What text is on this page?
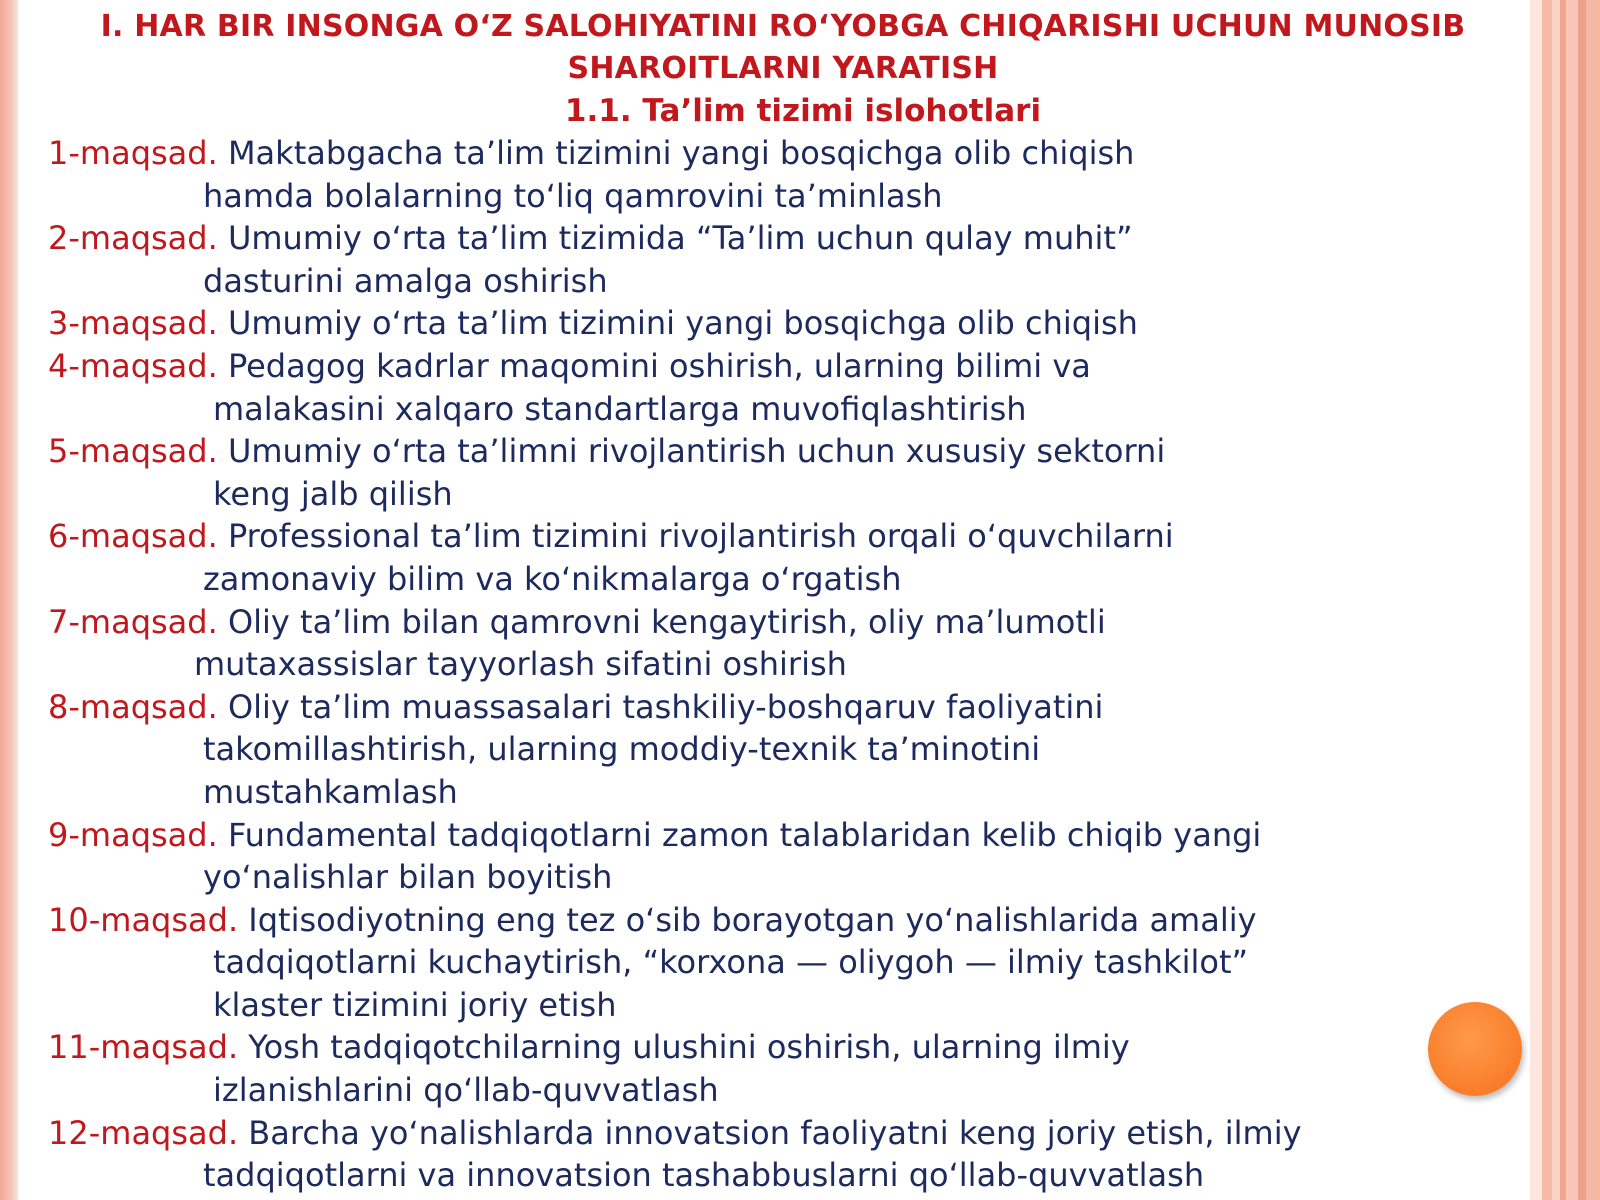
I. HAR BIR INSONGA O‘Z SALOHIYATINI RO‘YOBGA CHIQARISHI UCHUN MUNOSIB
SHAROITLARNI YARATISH
1.1. Ta’lim tizimi islohotlari
1-maqsad. Maktabgacha ta’lim tizimini yangi bosqichga olib chiqish
hamda bolalarning to‘liq qamrovini ta’minlash
2-maqsad. Umumiy o‘rta ta’lim tizimida “Ta’lim uchun qulay muhit”
dasturini amalga oshirish
3-maqsad. Umumiy o‘rta ta’lim tizimini yangi bosqichga olib chiqish
4-maqsad. Pedagog kadrlar maqomini oshirish, ularning bilimi va
malakasini xalqaro standartlarga muvofiqlashtirish
5-maqsad. Umumiy o‘rta ta’limni rivojlantirish uchun xususiy sektorni
keng jalb qilish
6-maqsad. Professional ta’lim tizimini rivojlantirish orqali o‘quvchilarni
zamonaviy bilim va ko‘nikmalarga o‘rgatish
7-maqsad. Oliy ta’lim bilan qamrovni kengaytirish, oliy ma’lumotli
mutaxassislar tayyorlash sifatini oshirish
8-maqsad. Oliy ta’lim muassasalari tashkiliy-boshqaruv faoliyatini
takomillashtirish, ularning moddiy-texnik ta’minotini
mustahkamlash
9-maqsad. Fundamental tadqiqotlarni zamon talablaridan kelib chiqib yangi
yo‘nalishlar bilan boyitish
10-maqsad. Iqtisodiyotning eng tez o‘sib borayotgan yo‘nalishlarida amaliy
tadqiqotlarni kuchaytirish, “korxona — oliygoh — ilmiy tashkilot”
klaster tizimini joriy etish
11-maqsad. Yosh tadqiqotchilarning ulushini oshirish, ularning ilmiy
izlanishlarini qo‘llab-quvvatlash
12-maqsad. Barcha yo‘nalishlarda innovatsion faoliyatni keng joriy etish, ilmiy
tadqiqotlarni va innovatsion tashabbuslarni qo‘llab-quvvatlash
